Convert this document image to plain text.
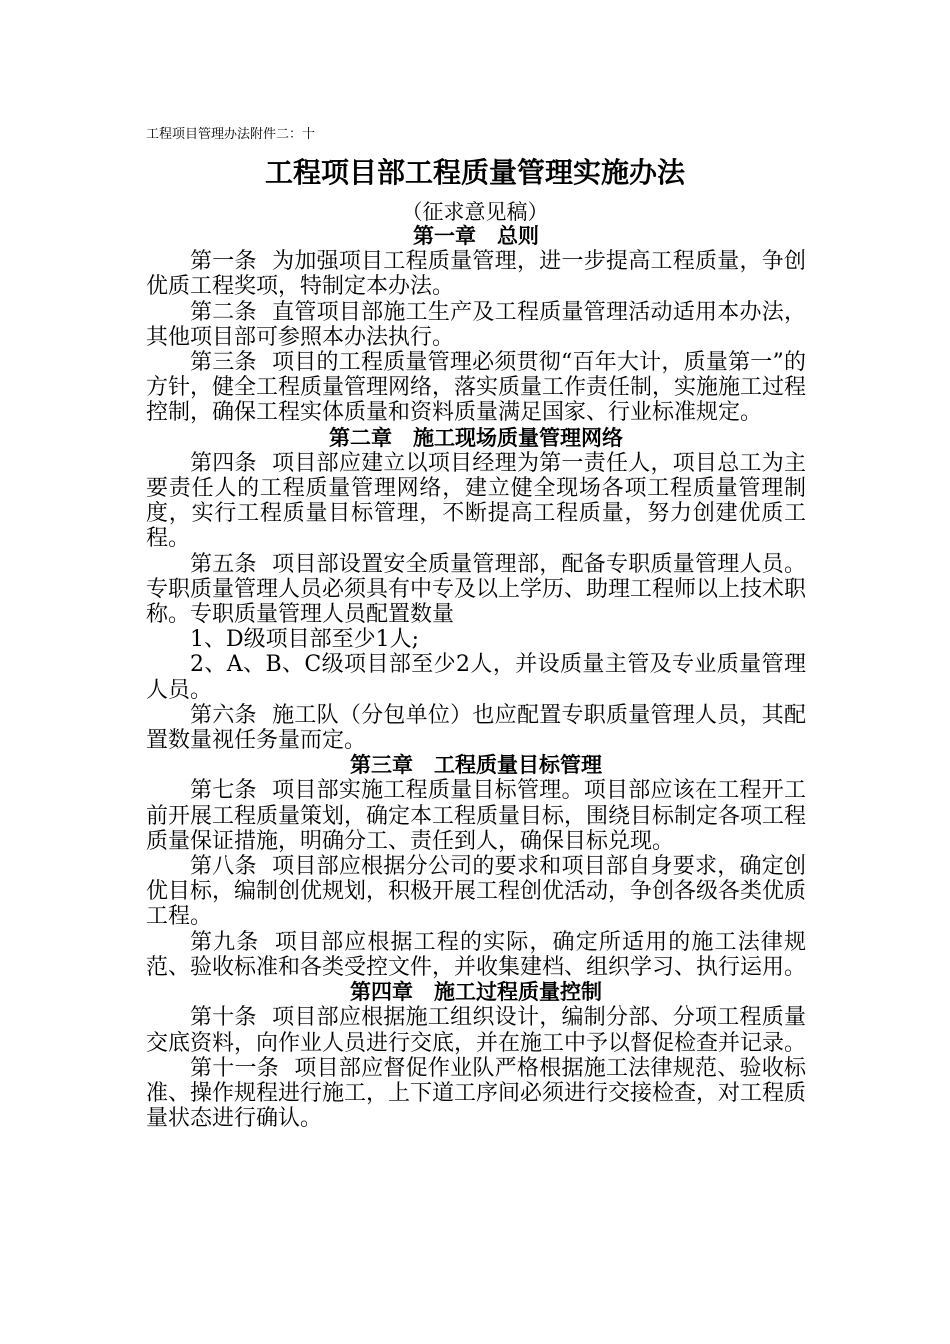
工程项目管理办法附件二：十
工程项目部工程质量管理实施办法
（征求意见稿）
第一章　总则

第一条 为加强项目工程质量管理，进一步提高工程质量，争创优质工程奖项，特制定本办法。

第二条 直管项目部施工生产及工程质量管理活动适用本办法，其他项目部可参照本办法执行。

第三条 项目的工程质量管理必须贯彻“百年大计，质量第一”的方针，健全工程质量管理网络，落实质量工作责任制，实施施工过程控制，确保工程实体质量和资料质量满足国家、行业标准规定。

第二章　施工现场质量管理网络

第四条 项目部应建立以项目经理为第一责任人，项目总工为主要责任人的工程质量管理网络，建立健全现场各项工程质量管理制度，实行工程质量目标管理，不断提高工程质量，努力创建优质工程。

第五条 项目部设置安全质量管理部，配备专职质量管理人员。专职质量管理人员必须具有中专及以上学历、助理工程师以上技术职称。专职质量管理人员配置数量

1、D级项目部至少1人;

2、A、B、C级项目部至少2人，并设质量主管及专业质量管理人员。

第六条 施工队（分包单位）也应配置专职质量管理人员，其配置数量视任务量而定。

第三章　工程质量目标管理

第七条 项目部实施工程质量目标管理。项目部应该在工程开工前开展工程质量策划，确定本工程质量目标，围绕目标制定各项工程质量保证措施，明确分工、责任到人，确保目标兑现。

第八条 项目部应根据分公司的要求和项目部自身要求，确定创优目标，编制创优规划，积极开展工程创优活动，争创各级各类优质工程。

第九条 项目部应根据工程的实际，确定所适用的施工法律规范、验收标准和各类受控文件，并收集建档、组织学习、执行运用。

第四章　施工过程质量控制

第十条 项目部应根据施工组织设计，编制分部、分项工程质量交底资料，向作业人员进行交底，并在施工中予以督促检查并记录。

第十一条 项目部应督促作业队严格根据施工法律规范、验收标准、操作规程进行施工，上下道工序间必须进行交接检查，对工程质量状态进行确认。
